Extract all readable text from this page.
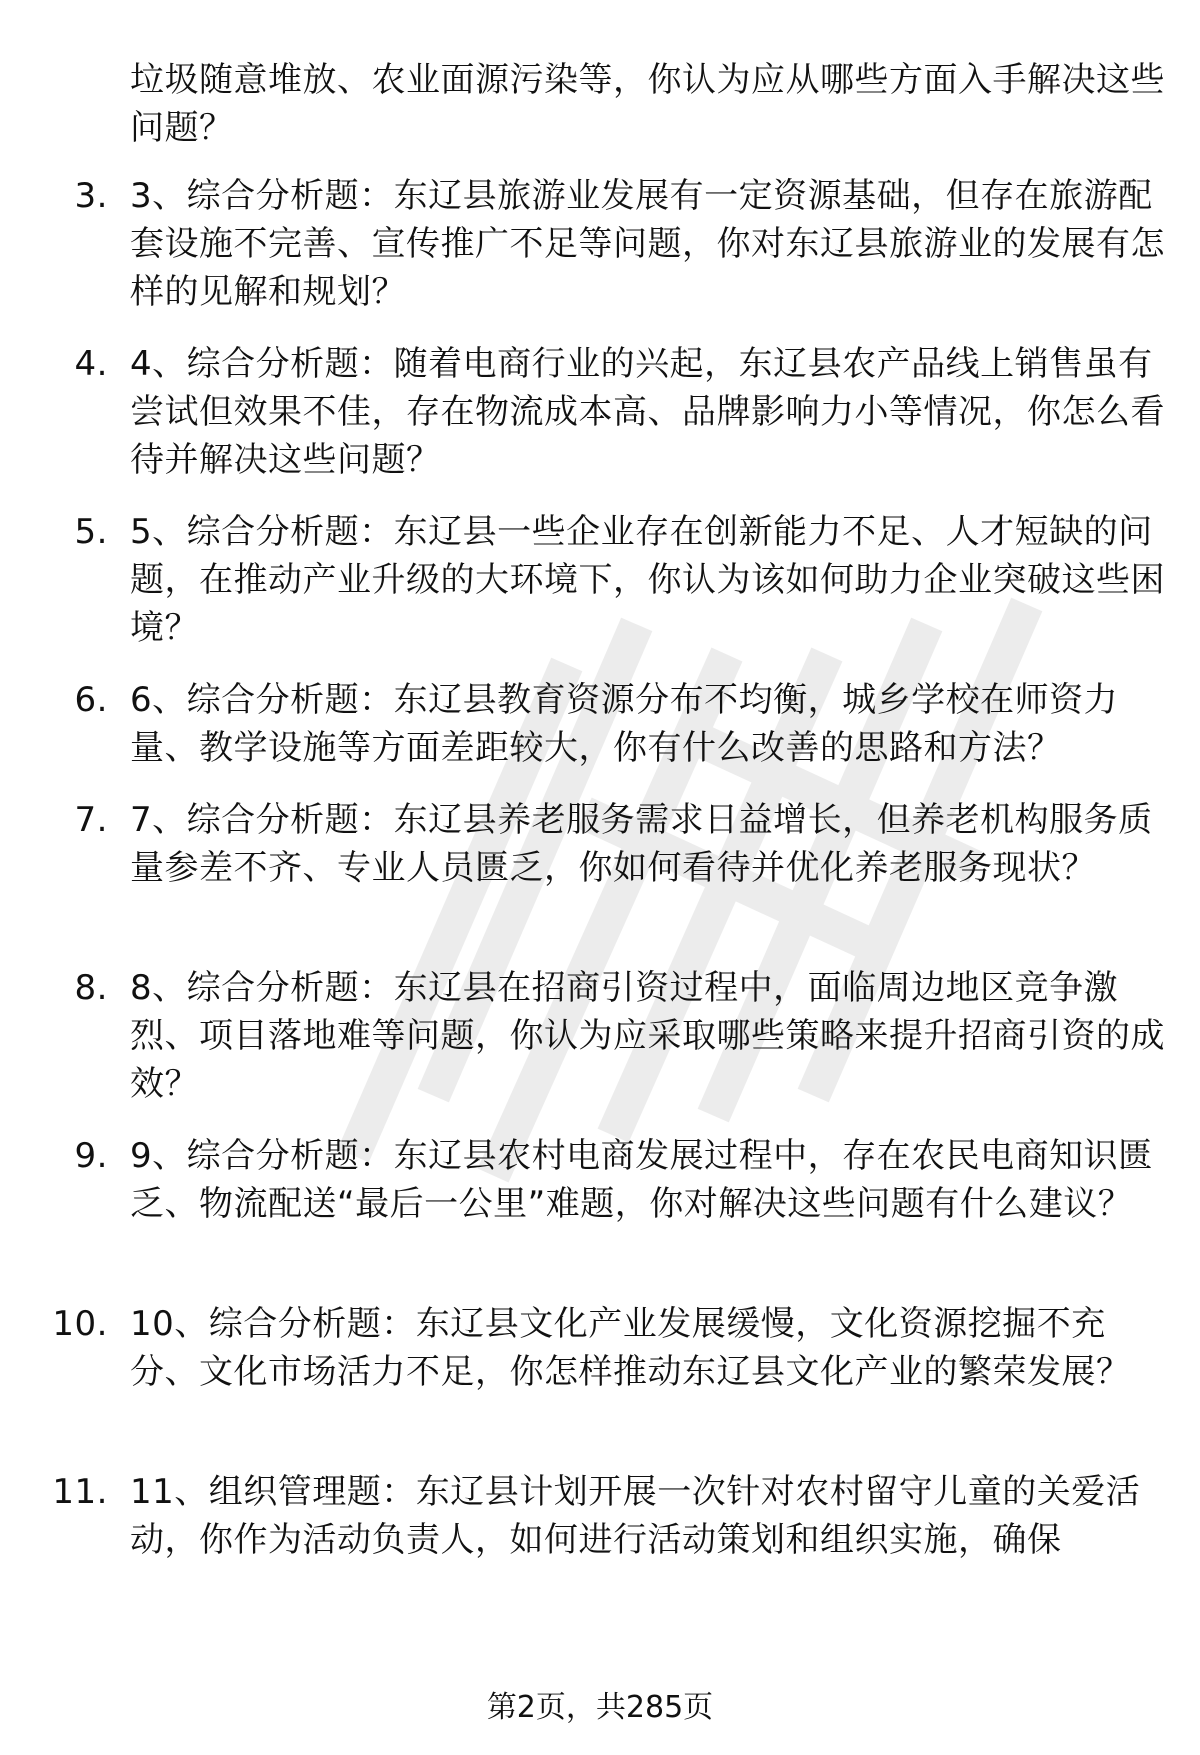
垃圾随意堆放、农业面源污染等，你认为应从哪些方面入手解决这些问题？
3. 3、综合分析题：东辽县旅游业发展有一定资源基础，但存在旅游配套设施不完善、宣传推广不足等问题，你对东辽县旅游业的发展有怎样的见解和规划？
4. 4、综合分析题：随着电商行业的兴起，东辽县农产品线上销售虽有尝试但效果不佳，存在物流成本高、品牌影响力小等情况，你怎么看待并解决这些问题？
5. 5、综合分析题：东辽县一些企业存在创新能力不足、人才短缺的问题，在推动产业升级的大环境下，你认为该如何助力企业突破这些困境？
6. 6、综合分析题：东辽县教育资源分布不均衡，城乡学校在师资力量、教学设施等方面差距较大，你有什么改善的思路和方法？
7. 7、综合分析题：东辽县养老服务需求日益增长，但养老机构服务质量参差不齐、专业人员匮乏，你如何看待并优化养老服务现状？
8. 8、综合分析题：东辽县在招商引资过程中，面临周边地区竞争激烈、项目落地难等问题，你认为应采取哪些策略来提升招商引资的成效？
9. 9、综合分析题：东辽县农村电商发展过程中，存在农民电商知识匮乏、物流配送“最后一公里”难题，你对解决这些问题有什么建议？
10. 10、综合分析题：东辽县文化产业发展缓慢，文化资源挖掘不充分、文化市场活力不足，你怎样推动东辽县文化产业的繁荣发展？
11. 11、组织管理题：东辽县计划开展一次针对农村留守儿童的关爱活动，你作为活动负责人，如何进行活动策划和组织实施，确保
第2页，共285页
